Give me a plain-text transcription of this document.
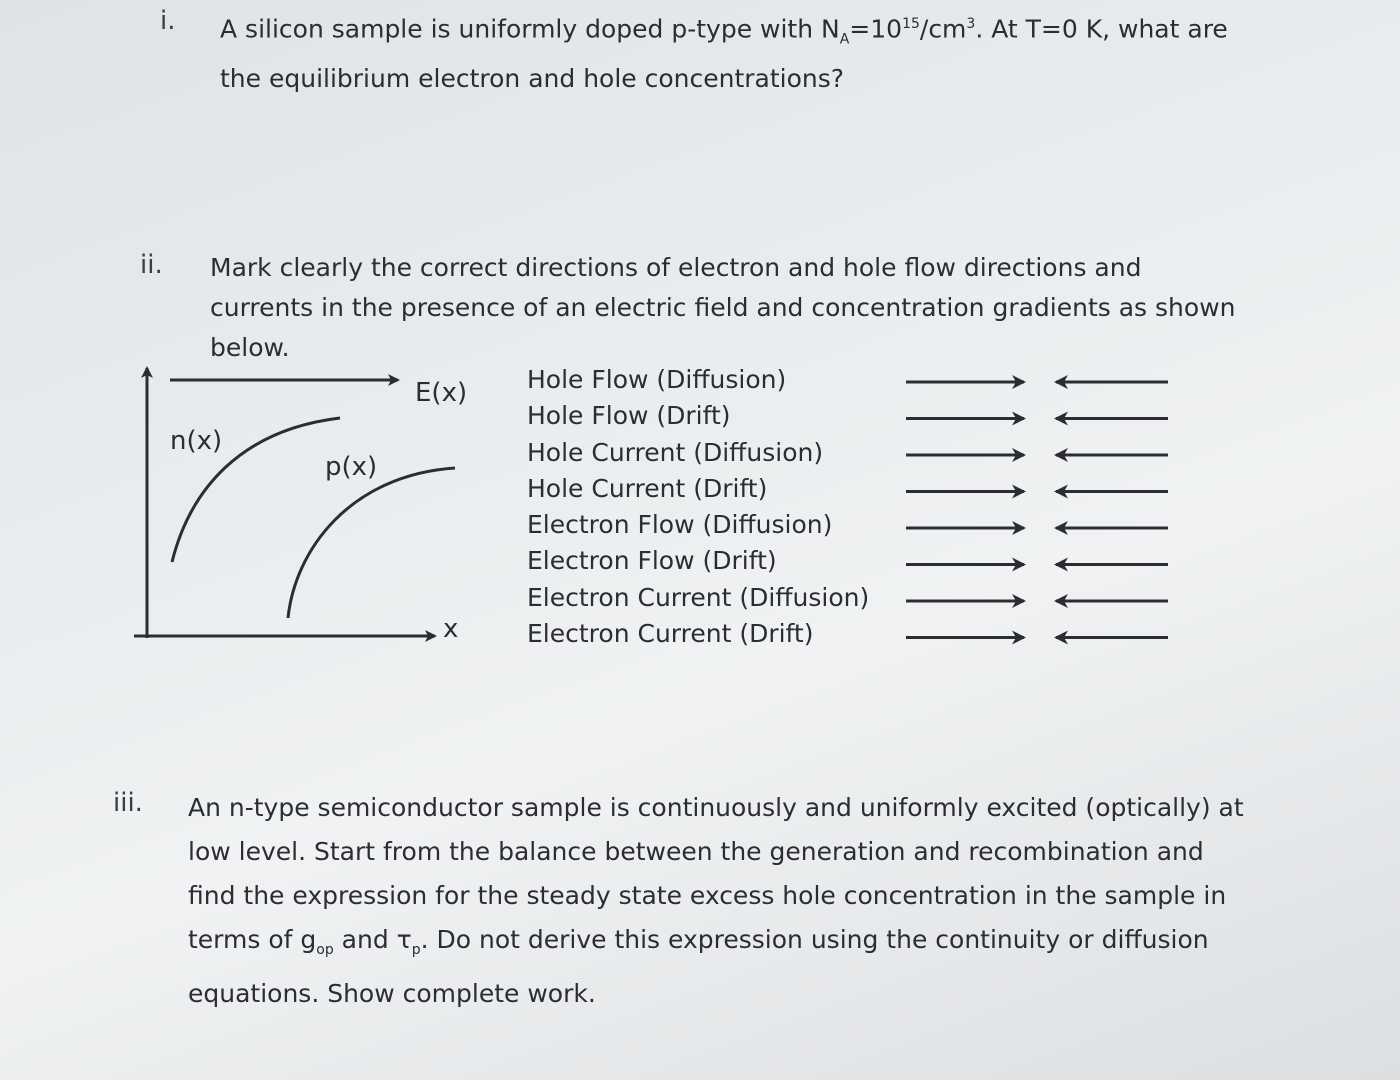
i. A silicon sample is uniformly doped p-type with $N_A=10^{15}/cm^3$. At T=0 K, what are the equilibrium electron and hole concentrations?
ii. Mark clearly the correct directions of electron and hole flow directions and currents in the presence of an electric field and concentration gradients as shown below.
E(x)
n(x)
p(x)
x
Hole Flow (Diffusion)
Hole Flow (Drift)
Hole Current (Diffusion)
Hole Current (Drift)
Electron Flow (Diffusion)
Electron Flow (Drift)
Electron Current (Diffusion)
Electron Current (Drift)
iii. An n-type semiconductor sample is continuously and uniformly excited (optically) at low level. Start from the balance between the generation and recombination and find the expression for the steady state excess hole concentration in the sample in terms of $g_{op}$ and $\tau_p$. Do not derive this expression using the continuity or diffusion equations. Show complete work.
